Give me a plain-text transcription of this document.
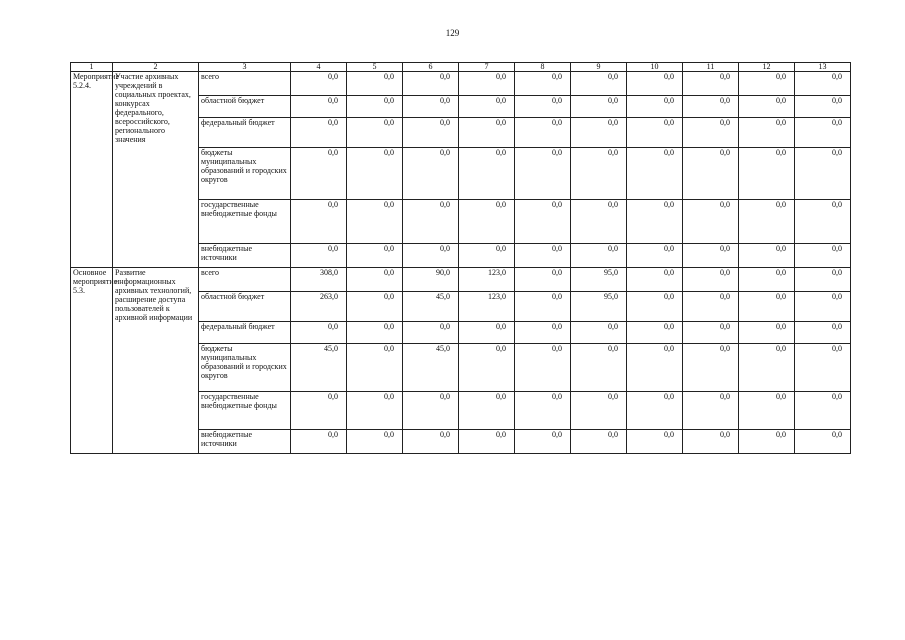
129
1	2	3	4	5	6	7	8	9	10	11	12	13
Мероприятие 5.2.4.	Участие архивных учреждений в социальных проектах, конкурсах федерального, всероссийского, регионального значения	всего	0,0	0,0	0,0	0,0	0,0	0,0	0,0	0,0	0,0	0,0
		областной бюджет	0,0	0,0	0,0	0,0	0,0	0,0	0,0	0,0	0,0	0,0
		федеральный бюджет	0,0	0,0	0,0	0,0	0,0	0,0	0,0	0,0	0,0	0,0
		бюджеты муниципальных образований и городских округов	0,0	0,0	0,0	0,0	0,0	0,0	0,0	0,0	0,0	0,0
		государственные внебюджетные фонды	0,0	0,0	0,0	0,0	0,0	0,0	0,0	0,0	0,0	0,0
		внебюджетные источники	0,0	0,0	0,0	0,0	0,0	0,0	0,0	0,0	0,0	0,0
Основное мероприятие 5.3.	Развитие информационных архивных технологий, расширение доступа пользователей к архивной информации	всего	308,0	0,0	90,0	123,0	0,0	95,0	0,0	0,0	0,0	0,0
		областной бюджет	263,0	0,0	45,0	123,0	0,0	95,0	0,0	0,0	0,0	0,0
		федеральный бюджет	0,0	0,0	0,0	0,0	0,0	0,0	0,0	0,0	0,0	0,0
		бюджеты муниципальных образований и городских округов	45,0	0,0	45,0	0,0	0,0	0,0	0,0	0,0	0,0	0,0
		государственные внебюджетные фонды	0,0	0,0	0,0	0,0	0,0	0,0	0,0	0,0	0,0	0,0
		внебюджетные источники	0,0	0,0	0,0	0,0	0,0	0,0	0,0	0,0	0,0	0,0
